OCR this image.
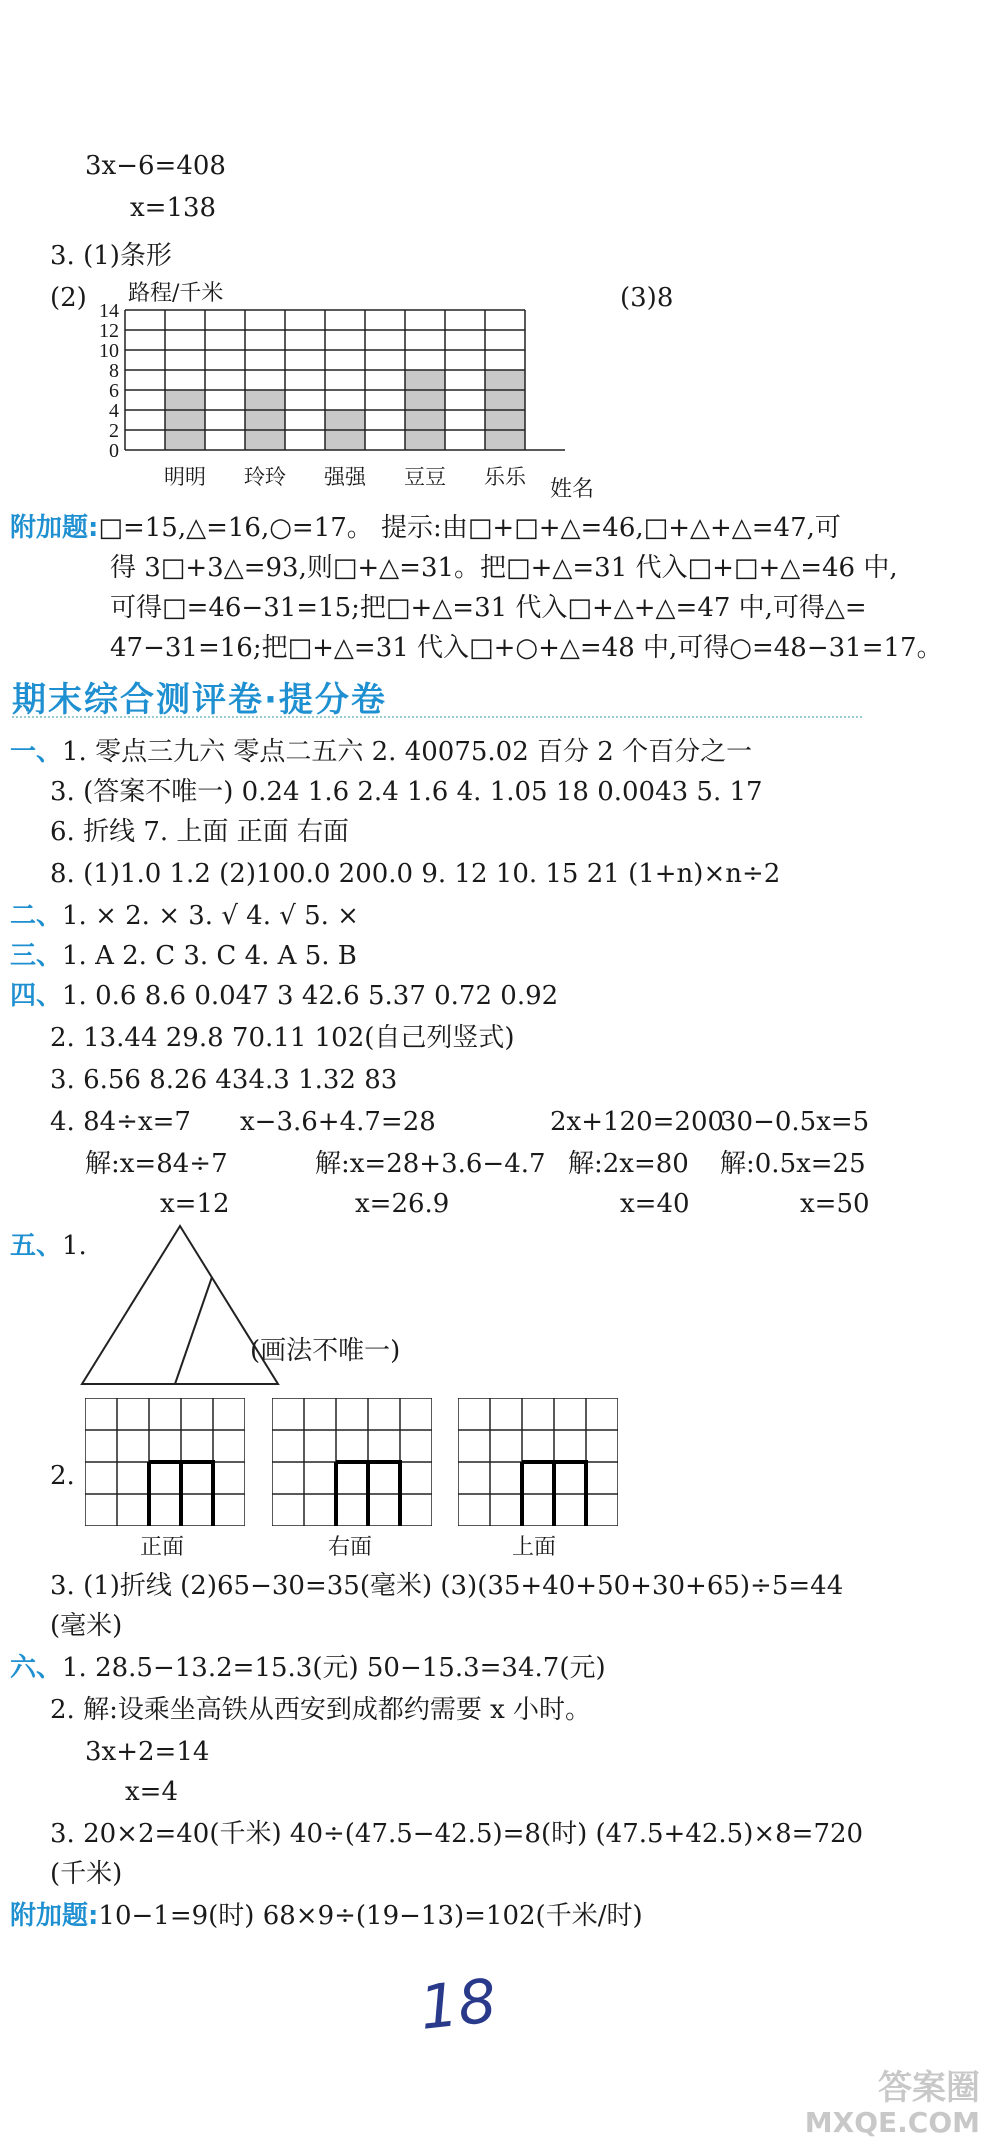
3x−6=408
x=138
3. (1)条形
(2)	(3)8
路程/千米
姓名
14
12
10
8
6
4
2
0
明明 玲玲 强强 豆豆 乐乐
附加题:□=15,△=16,○=17。 提示:由□+□+△=46,□+△+△=47,可
得 3□+3△=93,则□+△=31。把□+△=31 代入□+□+△=46 中,
可得□=46−31=15;把□+△=31 代入□+△+△=47 中,可得△=
47−31=16;把□+△=31 代入□+○+△=48 中,可得○=48−31=17。
期末综合测评卷·提分卷
一、1. 零点三九六 零点二五六 2. 40075.02 百分 2 个百分之一
3. (答案不唯一) 0.24 1.6 2.4 1.6 4. 1.05 18 0.0043 5. 17
6. 折线 7. 上面 正面 右面
8. (1)1.0 1.2 (2)100.0 200.0 9. 12 10. 15 21 (1+n)×n÷2
二、1. × 2. × 3. √ 4. √ 5. ×
三、1. A 2. C 3. C 4. A 5. B
四、1. 0.6 8.6 0.047 3 42.6 5.37 0.72 0.92
2. 13.44 29.8 70.11 102(自己列竖式)
3. 6.56 8.26 434.3 1.32 83
4. 84÷x=7
解:x=84÷7
x=12
x−3.6+4.7=28
解:x=28+3.6−4.7
x=26.9
2x+120=200
解:2x=80
x=40
30−0.5x=5
解:0.5x=25
x=50
五、1.
(画法不唯一)
2.
正面	右面	上面
3. (1)折线 (2)65−30=35(毫米) (3)(35+40+50+30+65)÷5=44
(毫米)
六、1. 28.5−13.2=15.3(元) 50−15.3=34.7(元)
2. 解:设乘坐高铁从西安到成都约需要 x 小时。
3x+2=14
x=4
3. 20×2=40(千米) 40÷(47.5−42.5)=8(时) (47.5+42.5)×8=720
(千米)
附加题:10−1=9(时) 68×9÷(19−13)=102(千米/时)
18
答案圈
MXQE.COM
